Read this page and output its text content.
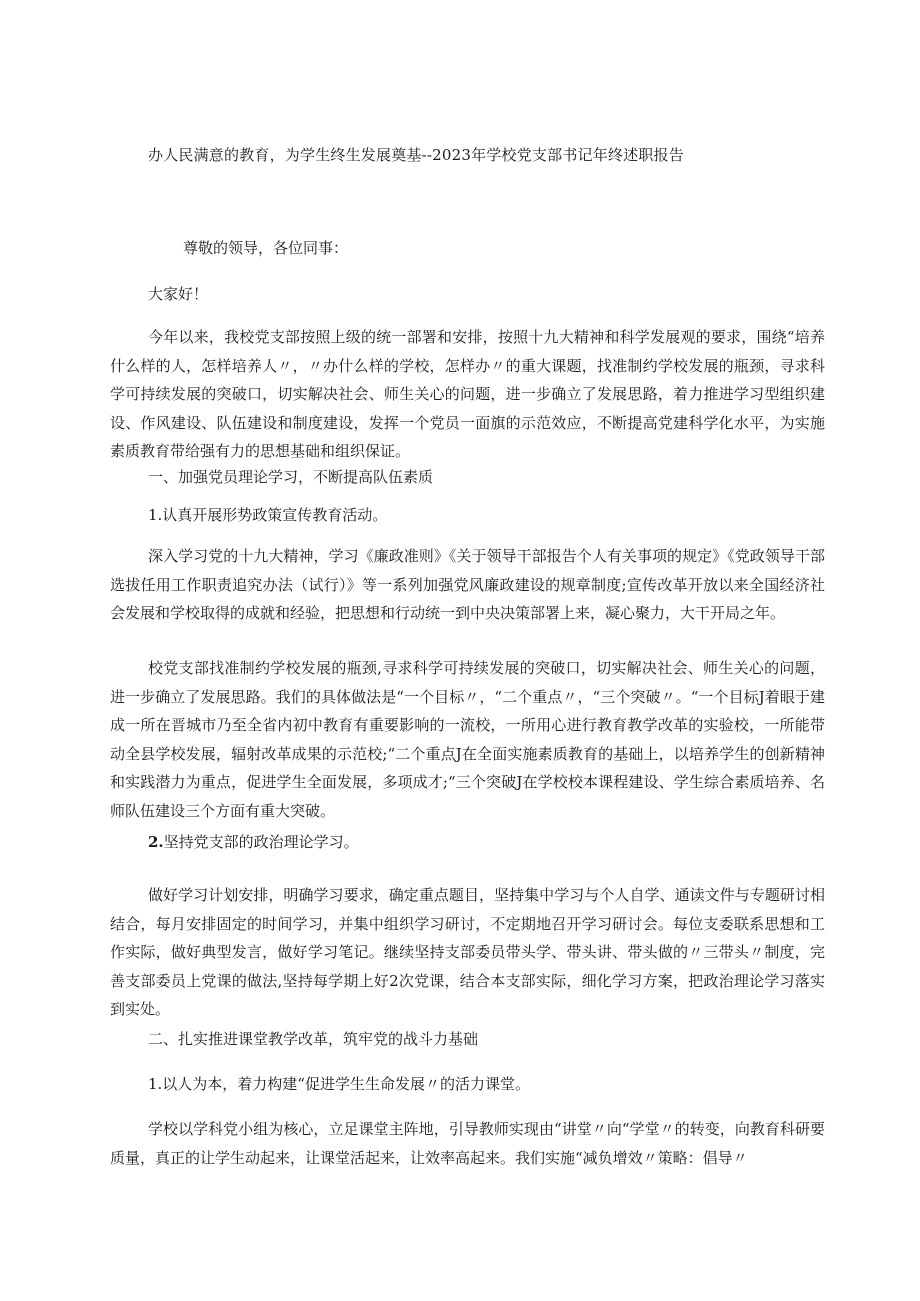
办人民满意的教育，为学生终生发展奠基--2023年学校党支部书记年终述职报告
尊敬的领导，各位同事：
大家好！
今年以来，我校党支部按照上级的统一部署和安排，按照十九大精神和科学发展观的要求，围绕“培养什么样的人，怎样培养人〃，〃办什么样的学校，怎样办〃的重大课题，找准制约学校发展的瓶颈，寻求科学可持续发展的突破口，切实解决社会、师生关心的问题，进一步确立了发展思路，着力推进学习型组织建设、作风建设、队伍建设和制度建设，发挥一个党员一面旗的示范效应，不断提高党建科学化水平，为实施素质教育带给强有力的思想基础和组织保证。
一、加强党员理论学习，不断提高队伍素质
1.认真开展形势政策宣传教育活动。
深入学习党的十九大精神，学习《廉政准则》《关于领导干部报告个人有关事项的规定》《党政领导干部选拔任用工作职责追究办法（试行）》等一系列加强党风廉政建设的规章制度;宣传改革开放以来全国经济社会发展和学校取得的成就和经验，把思想和行动统一到中央决策部署上来，凝心聚力，大干开局之年。
校党支部找准制约学校发展的瓶颈,寻求科学可持续发展的突破口，切实解决社会、师生关心的问题，进一步确立了发展思路。我们的具体做法是“一个目标〃，“二个重点〃，“三个突破〃。“一个目标J着眼于建成一所在晋城市乃至全省内初中教育有重要影响的一流校，一所用心进行教育教学改革的实验校，一所能带动全县学校发展，辐射改革成果的示范校;“二个重点J在全面实施素质教育的基础上，以培养学生的创新精神和实践潜力为重点，促进学生全面发展，多项成才;“三个突破J在学校校本课程建设、学生综合素质培养、名师队伍建设三个方面有重大突破。
2.坚持党支部的政治理论学习。
做好学习计划安排，明确学习要求，确定重点题目，坚持集中学习与个人自学、通读文件与专题研讨相结合，每月安排固定的时间学习，并集中组织学习研讨，不定期地召开学习研讨会。每位支委联系思想和工作实际，做好典型发言，做好学习笔记。继续坚持支部委员带头学、带头讲、带头做的〃三带头〃制度，完善支部委员上党课的做法,坚持每学期上好2次党课，结合本支部实际，细化学习方案，把政治理论学习落实到实处。
二、扎实推进课堂教学改革，筑牢党的战斗力基础
1.以人为本，着力构建“促进学生生命发展〃的活力课堂。
学校以学科党小组为核心，立足课堂主阵地，引导教师实现由“讲堂〃向“学堂〃的转变，向教育科研要质量，真正的让学生动起来，让课堂活起来，让效率高起来。我们实施“减负增效〃策略：倡导〃
